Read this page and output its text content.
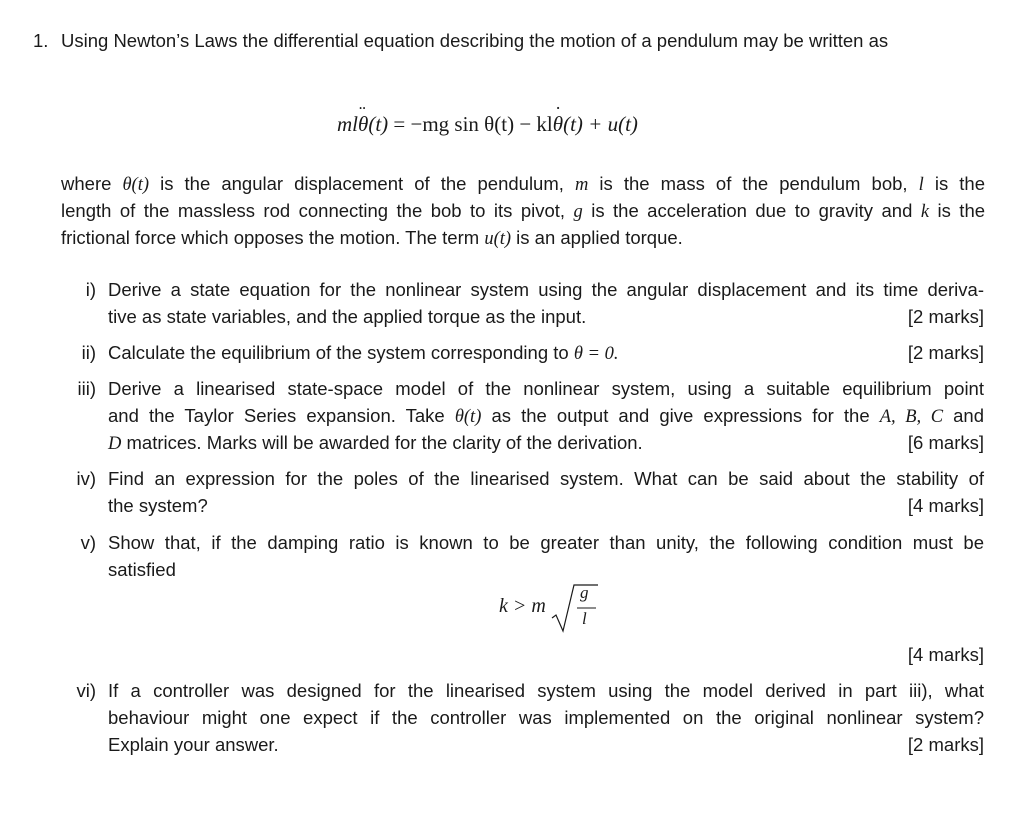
1. Using Newton’s Laws the differential equation describing the motion of a pendulum may be written as
ml¨ θ(t) = −mg sin θ(t) − kl˙ θ(t) + u(t)
where θ(t) is the angular displacement of the pendulum, m is the mass of the pendulum bob, l is the
length of the massless rod connecting the bob to its pivot, g is the acceleration due to gravity and k is the
frictional force which opposes the motion. The term u(t) is an applied torque.
i) Derive a state equation for the nonlinear system using the angular displacement and its time deriva-
tive as state variables, and the applied torque as the input.	[2 marks]
ii) Calculate the equilibrium of the system corresponding to θ = 0.	[2 marks]
iii) Derive a linearised state-space model of the nonlinear system, using a suitable equilibrium point
and the Taylor Series expansion. Take θ(t) as the output and give expressions for the A, B, C and
D matrices. Marks will be awarded for the clarity of the derivation.	[6 marks]
iv) Find an expression for the poles of the linearised system. What can be said about the stability of
the system?	[4 marks]
v) Show that, if the damping ratio is known to be greater than unity, the following condition must be
satisfied
k > m
g
l
[4 marks]
vi) If a controller was designed for the linearised system using the model derived in part iii), what
behaviour might one expect if the controller was implemented on the original nonlinear system?
Explain your answer.	[2 marks]
